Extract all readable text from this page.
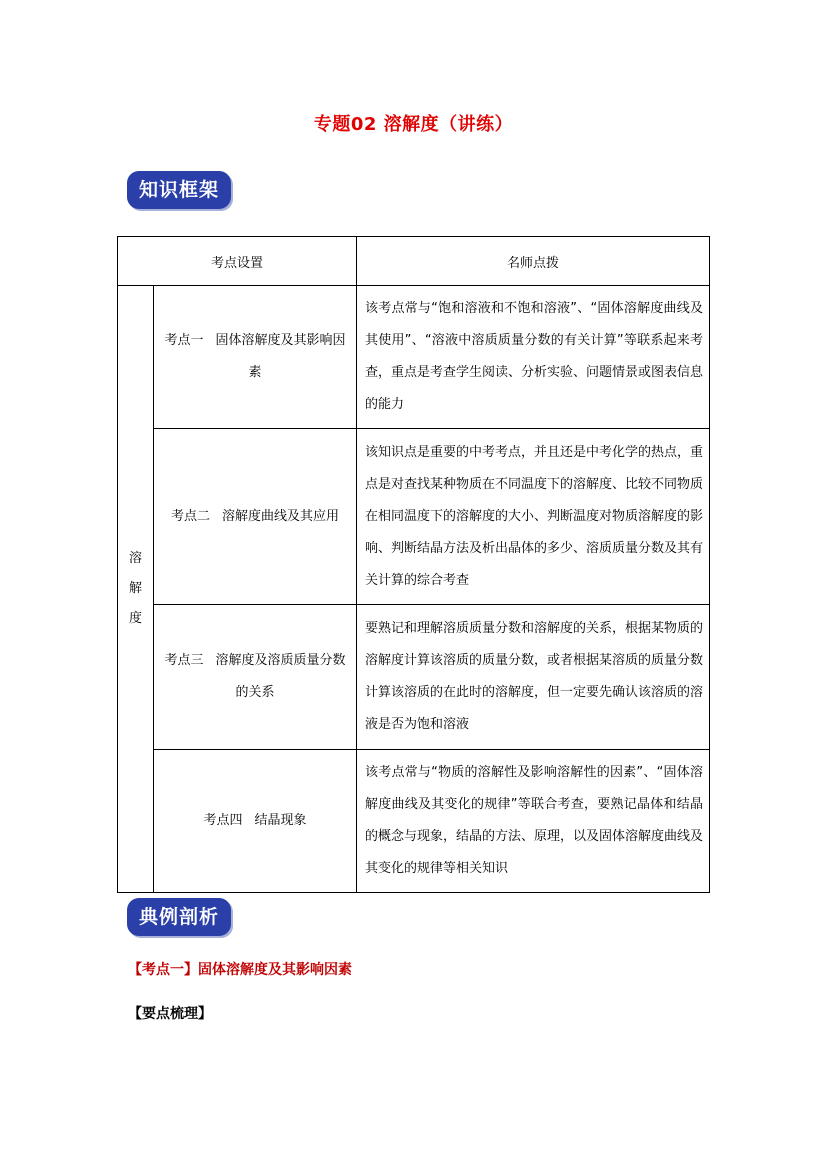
专题02 溶解度（讲练）
知识框架
考点设置		名师点拨
溶
解
度	考点一 固体溶解度及其影响因素	该考点常与“饱和溶液和不饱和溶液”、“固体溶解度曲线及其使用”、“溶液中溶质质量分数的有关计算”等联系起来考查，重点是考查学生阅读、分析实验、问题情景或图表信息的能力
	考点二 溶解度曲线及其应用	该知识点是重要的中考考点，并且还是中考化学的热点，重点是对查找某种物质在不同温度下的溶解度、比较不同物质在相同温度下的溶解度的大小、判断温度对物质溶解度的影响、判断结晶方法及析出晶体的多少、溶质质量分数及其有关计算的综合考查
	考点三 溶解度及溶质质量分数的关系	要熟记和理解溶质质量分数和溶解度的关系，根据某物质的溶解度计算该溶质的质量分数，或者根据某溶质的质量分数计算该溶质的在此时的溶解度，但一定要先确认该溶质的溶液是否为饱和溶液
	考点四 结晶现象	该考点常与“物质的溶解性及影响溶解性的因素”、“固体溶解度曲线及其变化的规律”等联合考查，要熟记晶体和结晶的概念与现象，结晶的方法、原理，以及固体溶解度曲线及其变化的规律等相关知识
典例剖析
【考点一】固体溶解度及其影响因素
【要点梳理】
